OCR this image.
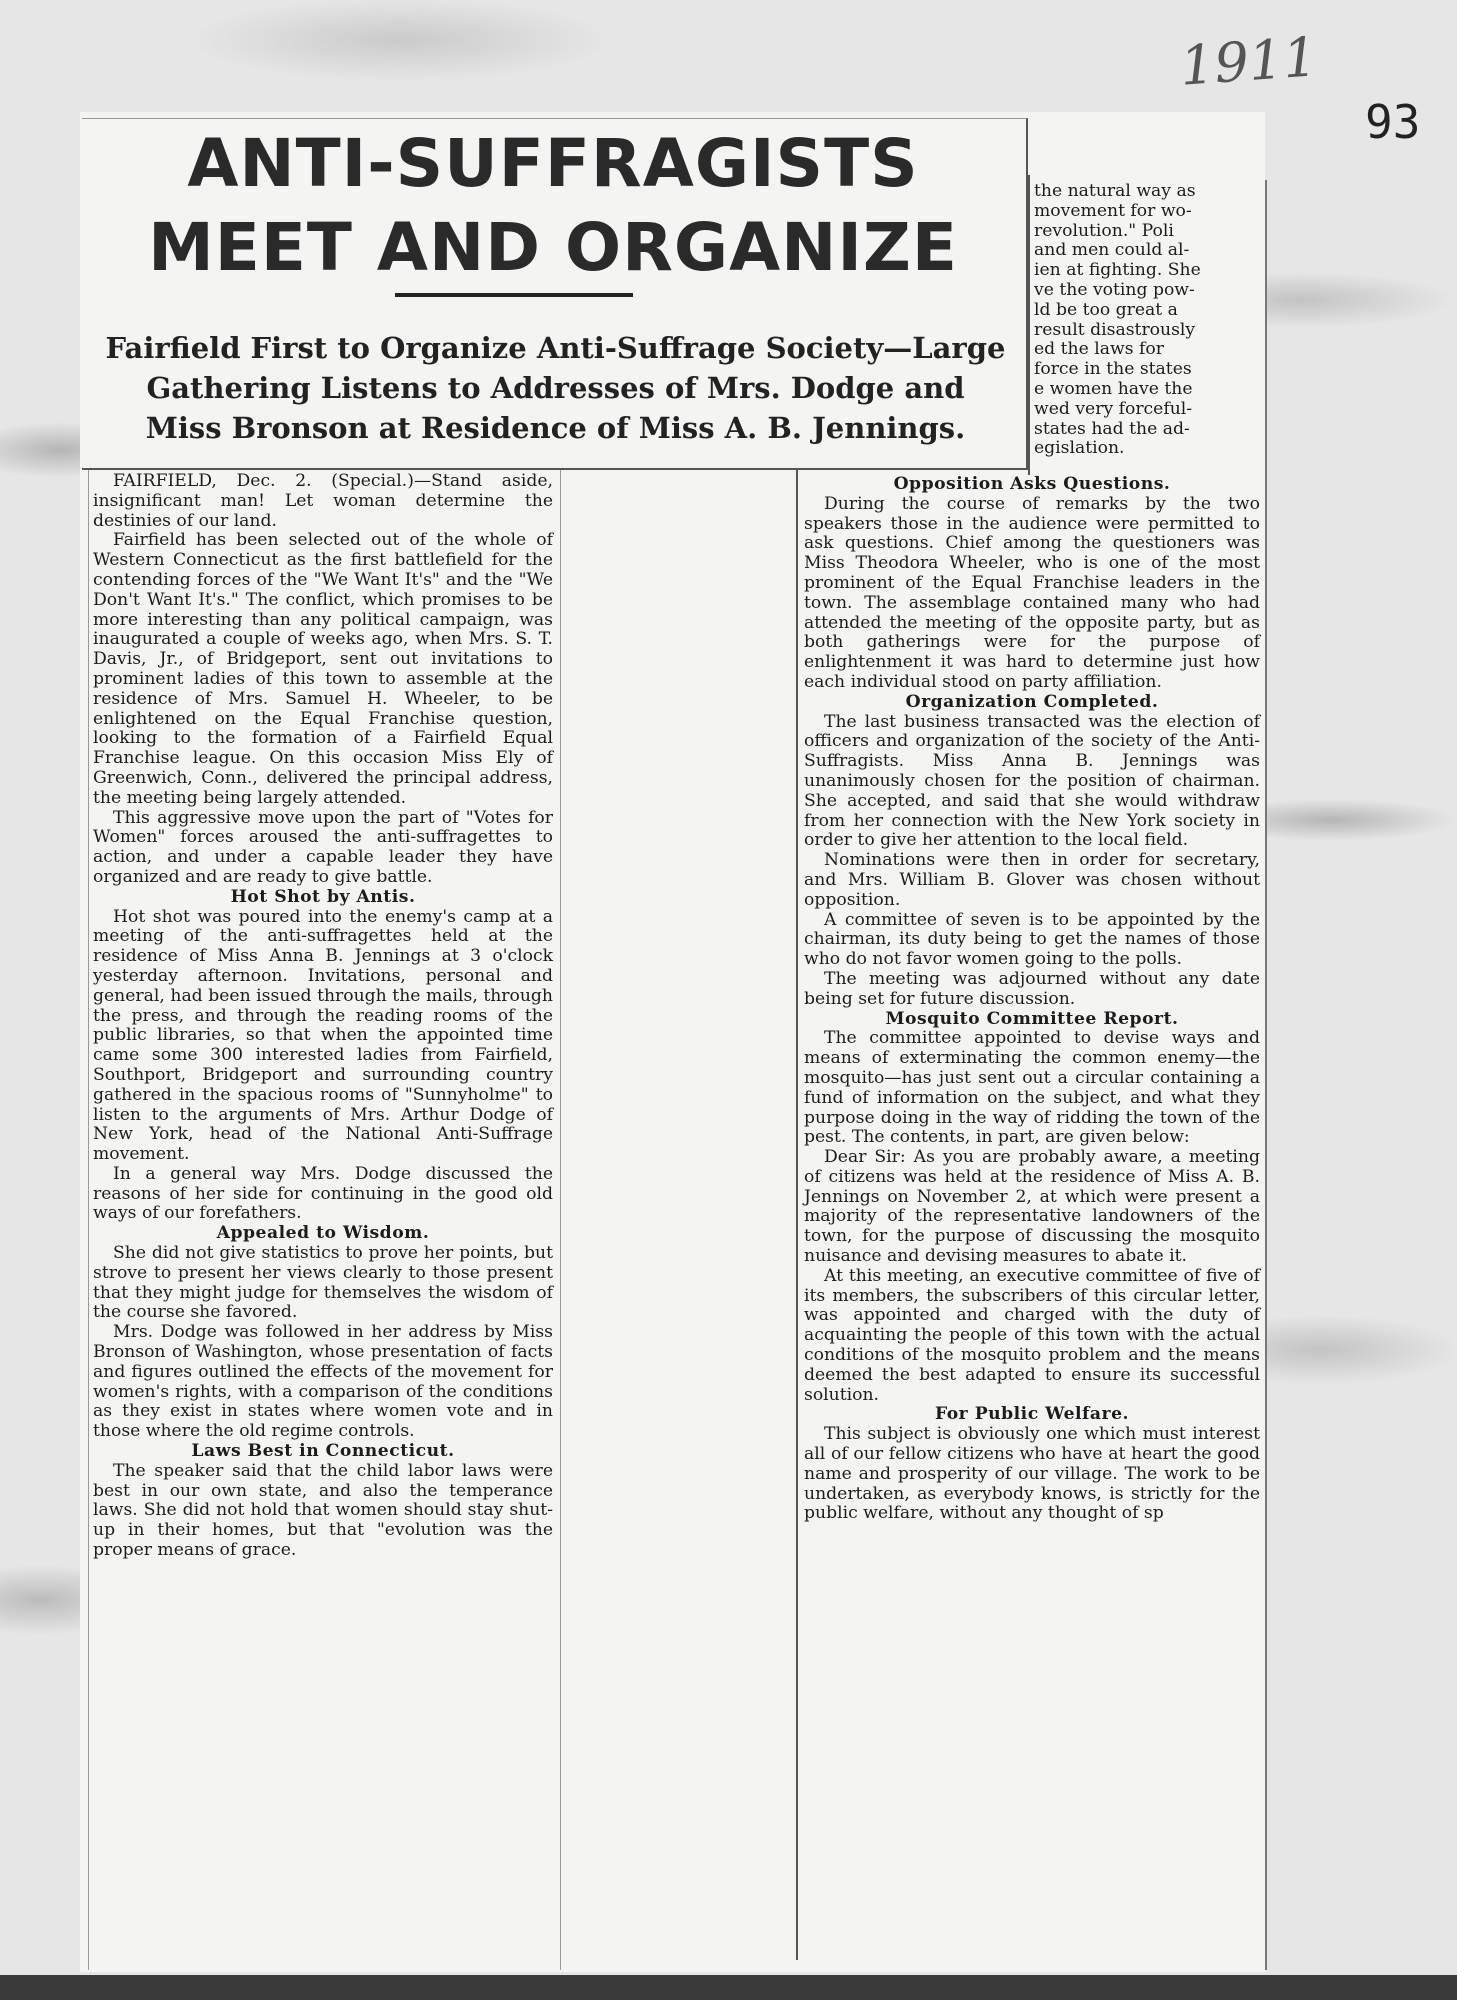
1911
93
ANTI-SUFFRAGISTS
MEET AND ORGANIZE
Fairfield First to Organize Anti-Suffrage Society—Large
Gathering Listens to Addresses of Mrs. Dodge and
Miss Bronson at Residence of Miss A. B. Jennings.
the natural way as
movement for wo-
revolution." Poli
and men could al-
ien at fighting. She
ve the voting pow-
ld be too great a
result disastrously
ed the laws for
force in the states
e women have the
wed very forceful-
states had the ad-
egislation.

FAIRFIELD, Dec. 2. (Special.)—Stand aside, insignificant man! Let woman determine the destinies of our land.

Fairfield has been selected out of the whole of Western Connecticut as the first battlefield for the contending forces of the "We Want It's" and the "We Don't Want It's." The conflict, which promises to be more interesting than any political campaign, was inaugurated a couple of weeks ago, when Mrs. S. T. Davis, Jr., of Bridgeport, sent out invitations to prominent ladies of this town to assemble at the residence of Mrs. Samuel H. Wheeler, to be enlightened on the Equal Franchise question, looking to the formation of a Fairfield Equal Franchise league. On this occasion Miss Ely of Greenwich, Conn., delivered the principal address, the meeting being largely attended.

This aggressive move upon the part of "Votes for Women" forces aroused the anti-suffragettes to action, and under a capable leader they have organized and are ready to give battle.

Hot Shot by Antis.

Hot shot was poured into the enemy's camp at a meeting of the anti-suffragettes held at the residence of Miss Anna B. Jennings at 3 o'clock yesterday afternoon. Invitations, personal and general, had been issued through the mails, through the press, and through the reading rooms of the public libraries, so that when the appointed time came some 300 interested ladies from Fairfield, Southport, Bridgeport and surrounding country gathered in the spacious rooms of "Sunnyholme" to listen to the arguments of Mrs. Arthur Dodge of New York, head of the National Anti-Suffrage movement.

In a general way Mrs. Dodge discussed the reasons of her side for continuing in the good old ways of our forefathers.

Appealed to Wisdom.

She did not give statistics to prove her points, but strove to present her views clearly to those present that they might judge for themselves the wisdom of the course she favored.

Mrs. Dodge was followed in her address by Miss Bronson of Washington, whose presentation of facts and figures outlined the effects of the movement for women's rights, with a comparison of the conditions as they exist in states where women vote and in those where the old regime controls.

Laws Best in Connecticut.

The speaker said that the child labor laws were best in our own state, and also the temperance laws. She did not hold that women should stay shut-up in their homes, but that "evolution was the proper means of grace.

Opposition Asks Questions.

During the course of remarks by the two speakers those in the audience were permitted to ask questions. Chief among the questioners was Miss Theodora Wheeler, who is one of the most prominent of the Equal Franchise leaders in the town. The assemblage contained many who had attended the meeting of the opposite party, but as both gatherings were for the purpose of enlightenment it was hard to determine just how each individual stood on party affiliation.

Organization Completed.

The last business transacted was the election of officers and organization of the society of the Anti-Suffragists. Miss Anna B. Jennings was unanimously chosen for the position of chairman. She accepted, and said that she would withdraw from her connection with the New York society in order to give her attention to the local field.

Nominations were then in order for secretary, and Mrs. William B. Glover was chosen without opposition.

A committee of seven is to be appointed by the chairman, its duty being to get the names of those who do not favor women going to the polls.

The meeting was adjourned without any date being set for future discussion.

Mosquito Committee Report.

The committee appointed to devise ways and means of exterminating the common enemy—the mosquito—has just sent out a circular containing a fund of information on the subject, and what they purpose doing in the way of ridding the town of the pest. The contents, in part, are given below:

Dear Sir: As you are probably aware, a meeting of citizens was held at the residence of Miss A. B. Jennings on November 2, at which were present a majority of the representative landowners of the town, for the purpose of discussing the mosquito nuisance and devising measures to abate it.

At this meeting, an executive committee of five of its members, the subscribers of this circular letter, was appointed and charged with the duty of acquainting the people of this town with the actual conditions of the mosquito problem and the means deemed the best adapted to ensure its successful solution.

For Public Welfare.

This subject is obviously one which must interest all of our fellow citizens who have at heart the good name and prosperity of our village. The work to be undertaken, as everybody knows, is strictly for the public welfare, without any thought of sp
